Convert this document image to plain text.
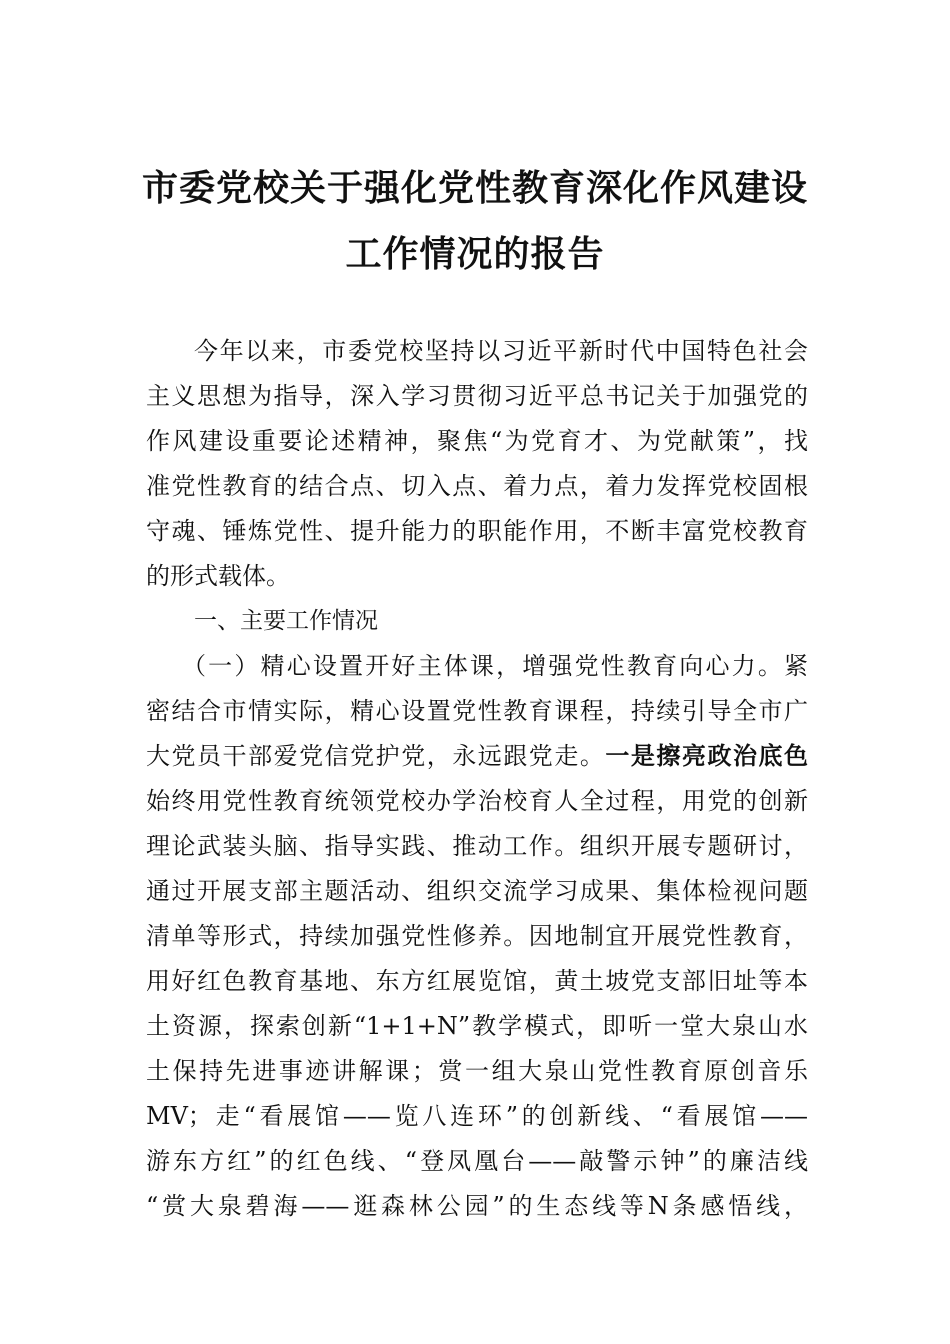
市委党校关于强化党性教育深化作风建设
工作情况的报告
今年以来，市委党校坚持以习近平新时代中国特色社会
主义思想为指导，深入学习贯彻习近平总书记关于加强党的
作风建设重要论述精神，聚焦“为党育才、为党献策”，找
准党性教育的结合点、切入点、着力点，着力发挥党校固根
守魂、锤炼党性、提升能力的职能作用，不断丰富党校教育
的形式载体。
一、主要工作情况
（一）精心设置开好主体课，增强党性教育向心力。紧
密结合市情实际，精心设置党性教育课程，持续引导全市广
大党员干部爱党信党护党，永远跟党走。一是擦亮政治底色
始终用党性教育统领党校办学治校育人全过程，用党的创新
理论武装头脑、指导实践、推动工作。组织开展专题研讨，
通过开展支部主题活动、组织交流学习成果、集体检视问题
清单等形式，持续加强党性修养。因地制宜开展党性教育，
用好红色教育基地、东方红展览馆，黄土坡党支部旧址等本
土资源，探索创新“1+1+N”教学模式，即听一堂大泉山水
土保持先进事迹讲解课；赏一组大泉山党性教育原创音乐
MV；走“看展馆——览八连环”的创新线、“看展馆——
游东方红”的红色线、“登凤凰台——敲警示钟”的廉洁线
“赏大泉碧海——逛森林公园”的生态线等N条感悟线，
